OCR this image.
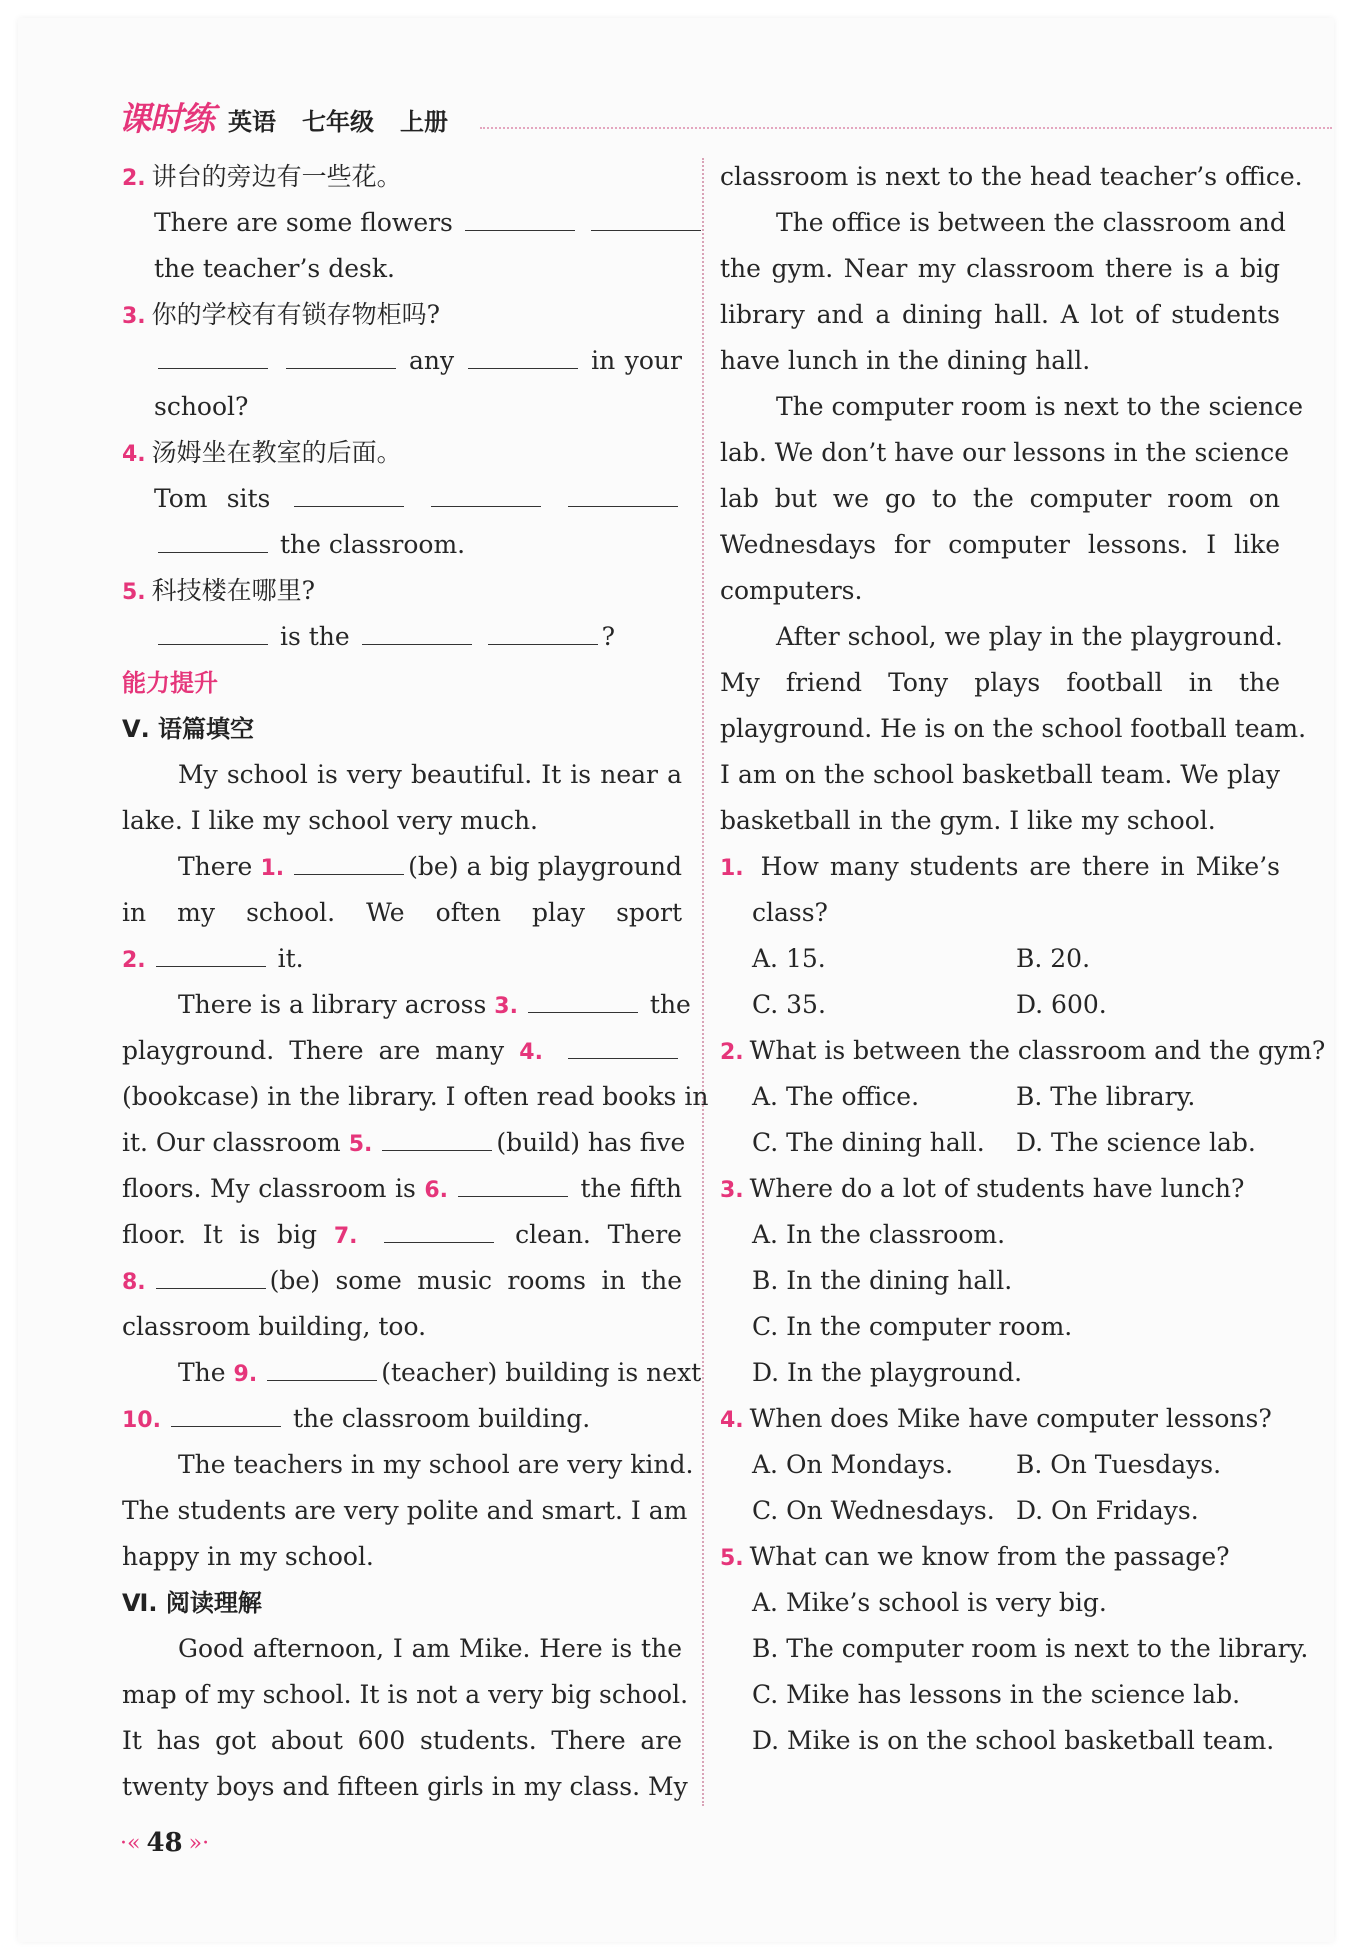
课时练 英语 七年级 上册
2. 讲台的旁边有一些花。
There are some flowers
the teacher’s desk.
3. 你的学校有有锁存物柜吗?
any	in your
school?
4. 汤姆坐在教室的后面。
Tom sits
the classroom.
5. 科技楼在哪里?
is the	?
能力提升
Ⅴ. 语篇填空
My school is very beautiful. It is near a
lake. I like my school very much.
There 1.	(be) a big playground
in my school. We often play sport
2.	it.
There is a library across 3.	the
playground. There are many 4.
(bookcase) in the library. I often read books in
it. Our classroom 5.	(build) has five
floors. My classroom is 6.	the fifth
floor. It is big 7.	clean. There
8.	(be) some music rooms in the
classroom building, too.
The 9.	(teacher) building is next
10.	the classroom building.
The teachers in my school are very kind.
The students are very polite and smart. I am
happy in my school.
Ⅵ. 阅读理解
Good afternoon, I am Mike. Here is the
map of my school. It is not a very big school.
It has got about 600 students. There are
twenty boys and fifteen girls in my class. My
classroom is next to the head teacher’s office.
The office is between the classroom and
the gym. Near my classroom there is a big
library and a dining hall. A lot of students
have lunch in the dining hall.
The computer room is next to the science
lab. We don’t have our lessons in the science
lab but we go to the computer room on
Wednesdays for computer lessons. I like
computers.
After school, we play in the playground.
My friend Tony plays football in the
playground. He is on the school football team.
I am on the school basketball team. We play
basketball in the gym. I like my school.
1. How many students are there in Mike’s
class?
A. 15.	B. 20.
C. 35.	D. 600.
2. What is between the classroom and the gym?
A. The office.	B. The library.
C. The dining hall.	D. The science lab.
3. Where do a lot of students have lunch?
A. In the classroom.
B. In the dining hall.
C. In the computer room.
D. In the playground.
4. When does Mike have computer lessons?
A. On Mondays.	B. On Tuesdays.
C. On Wednesdays. D. On Fridays.
5. What can we know from the passage?
A. Mike’s school is very big.
B. The computer room is next to the library.
C. Mike has lessons in the science lab.
D. Mike is on the school basketball team.
·« 48 »·
